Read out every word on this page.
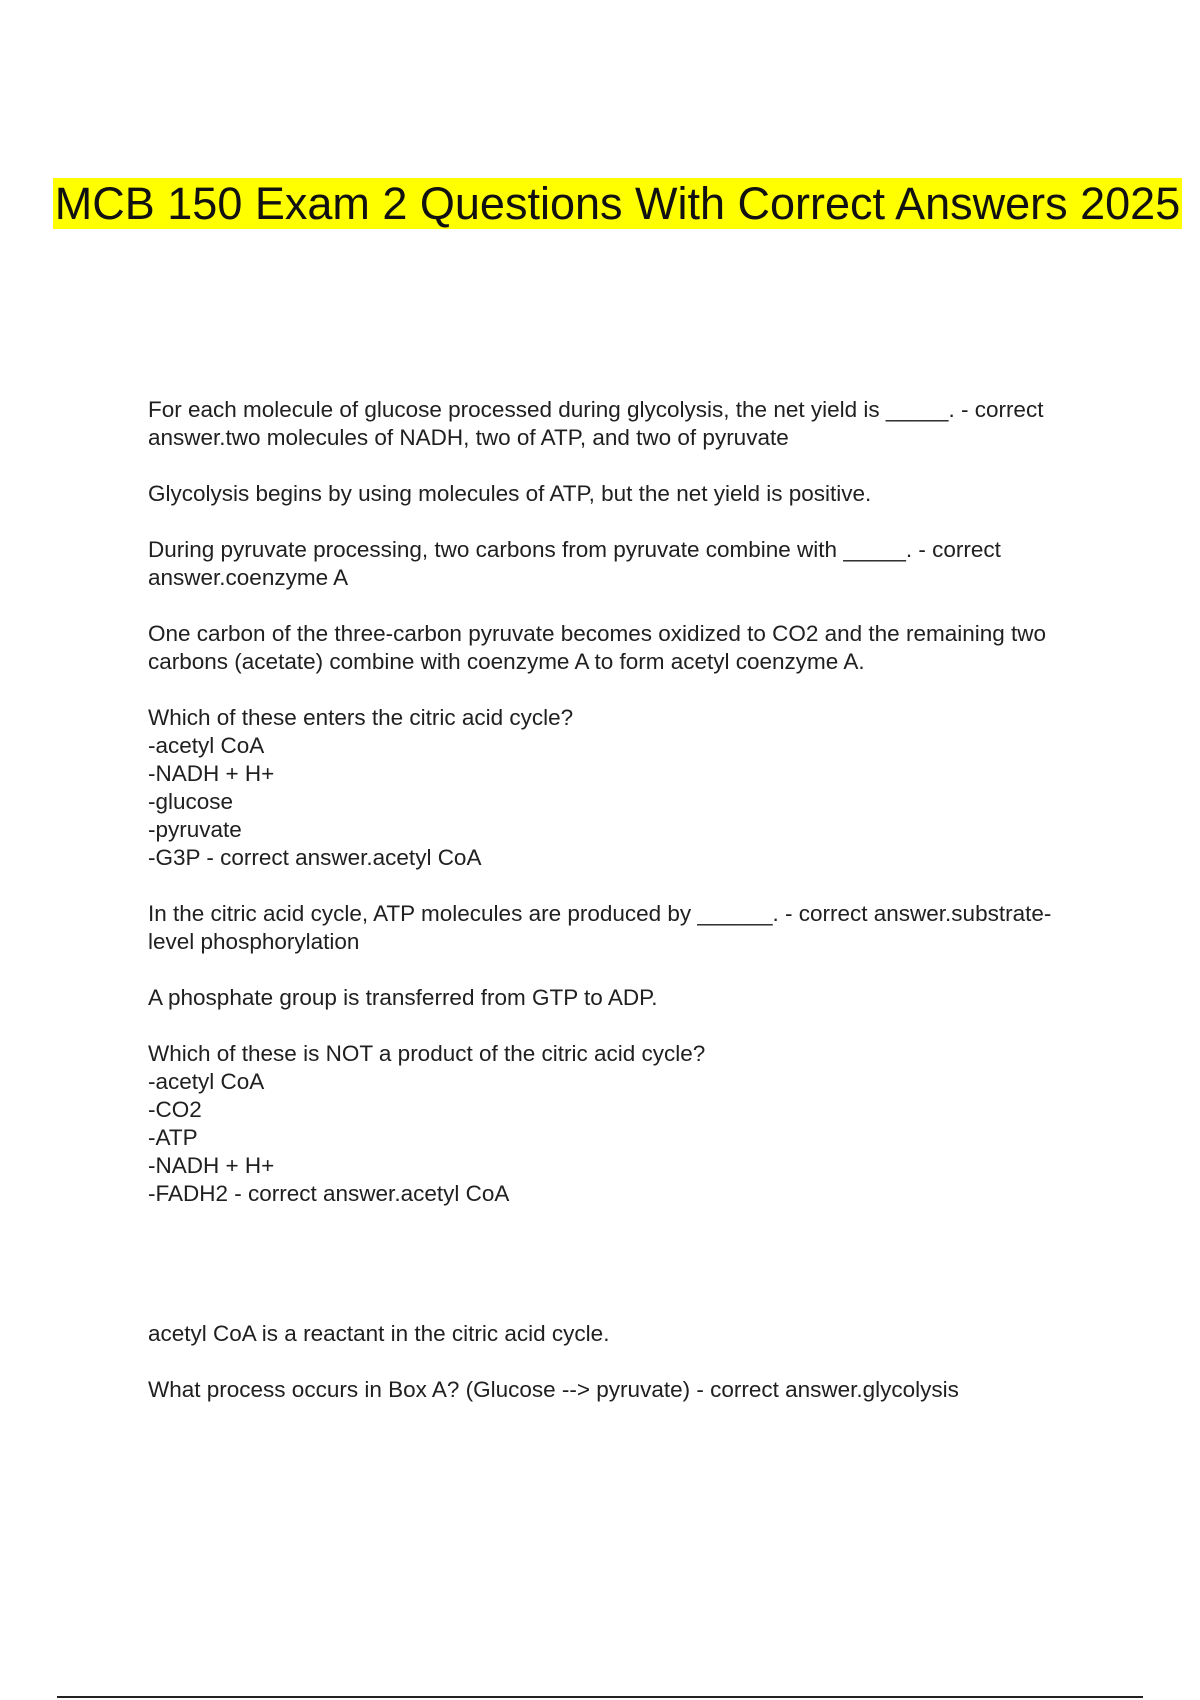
MCB 150 Exam 2 Questions With Correct Answers 2025

For each molecule of glucose processed during glycolysis, the net yield is _____. - correct answer.two molecules of NADH, two of ATP, and two of pyruvate

Glycolysis begins by using molecules of ATP, but the net yield is positive.

During pyruvate processing, two carbons from pyruvate combine with _____. - correct answer.coenzyme A

One carbon of the three-carbon pyruvate becomes oxidized to CO2 and the remaining two carbons (acetate) combine with coenzyme A to form acetyl coenzyme A.

Which of these enters the citric acid cycle?
-acetyl CoA
-NADH + H+
-glucose
-pyruvate
-G3P - correct answer.acetyl CoA

In the citric acid cycle, ATP molecules are produced by ______. - correct answer.substrate-level phosphorylation

A phosphate group is transferred from GTP to ADP.

Which of these is NOT a product of the citric acid cycle?
-acetyl CoA
-CO2
-ATP
-NADH + H+
-FADH2 - correct answer.acetyl CoA

acetyl CoA is a reactant in the citric acid cycle.

What process occurs in Box A? (Glucose --> pyruvate) - correct answer.glycolysis
